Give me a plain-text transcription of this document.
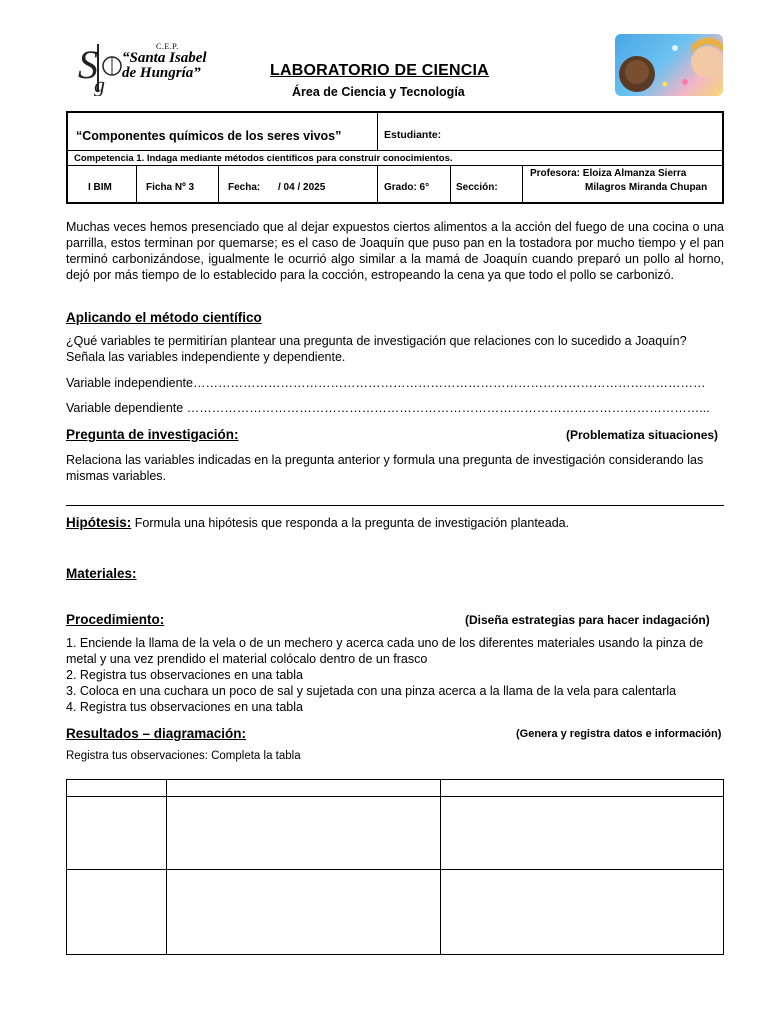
S
g
C.E.P.
“Santa Isabel
de Hungría”	LABORATORIO DE CIENCIA
Área de Ciencia y Tecnología
“Componentes químicos de los seres vivos”	Estudiante:
Competencia 1. Indaga mediante métodos científicos para construir conocimientos.
I BIM	Ficha Nº 3	Fecha: / 04 / 2025	Grado: 6°	Sección:
Profesora: Eloiza Almanza Sierra
Milagros Miranda Chupan
Muchas veces hemos presenciado que al dejar expuestos ciertos alimentos a la acción del fuego de una cocina o una parrilla, estos terminan por quemarse; es el caso de Joaquín que puso pan en la tostadora por mucho tiempo y el pan terminó carbonizándose, igualmente le ocurrió algo similar a la mamá de Joaquín cuando preparó un pollo al horno, dejó por más tiempo de lo establecido para la cocción, estropeando la cena ya que todo el pollo se carbonizó.
Aplicando el método científico
¿Qué variables te permitirían plantear una pregunta de investigación que relaciones con lo sucedido a Joaquín? Señala las variables independiente y dependiente.
Variable independiente……………………………………………………………………………………………………………
Variable dependiente ……………………………………………………………………………………………………………...
Pregunta de investigación:	(Problematiza situaciones)
Relaciona las variables indicadas en la pregunta anterior y formula una pregunta de investigación considerando las mismas variables.
Hipótesis: Formula una hipótesis que responda a la pregunta de investigación planteada.
Materiales:
Procedimiento:	(Diseña estrategias para hacer indagación)
1. Enciende la llama de la vela o de un mechero y acerca cada uno de los diferentes materiales usando la pinza de metal y una vez prendido el material colócalo dentro de un frasco
2. Registra tus observaciones en una tabla
3. Coloca en una cuchara un poco de sal y sujetada con una pinza acerca a la llama de la vela para calentarla
4. Registra tus observaciones en una tabla
Resultados – diagramación:	(Genera y registra datos e información)
Registra tus observaciones: Completa la tabla
